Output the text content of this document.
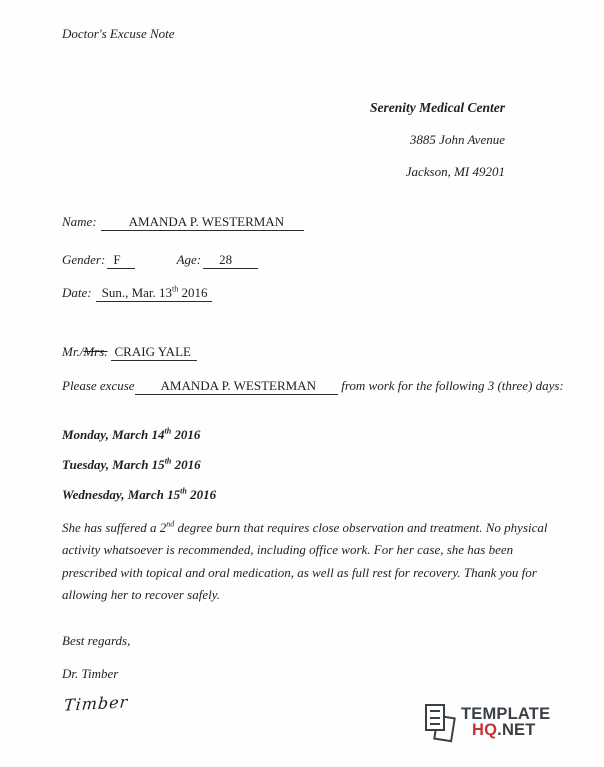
Doctor's Excuse Note
Serenity Medical Center
3885 John Avenue
Jackson, MI 49201
Name: AMANDA P. WESTERMAN
Gender: F	Age: 28
Date: Sun., Mar. 13th 2016
Mr./Mrs. CRAIG YALE
Please excuse AMANDA P. WESTERMAN from work for the following 3 (three) days:
Monday, March 14th 2016
Tuesday, March 15th 2016
Wednesday, March 15th 2016
She has suffered a 2nd degree burn that requires close observation and treatment. No physical activity whatsoever is recommended, including office work. For her case, she has been prescribed with topical and oral medication, as well as full rest for recovery. Thank you for allowing her to recover safely.
Best regards,
Dr. Timber
Timber	TEMPLATE
HQ.NET
